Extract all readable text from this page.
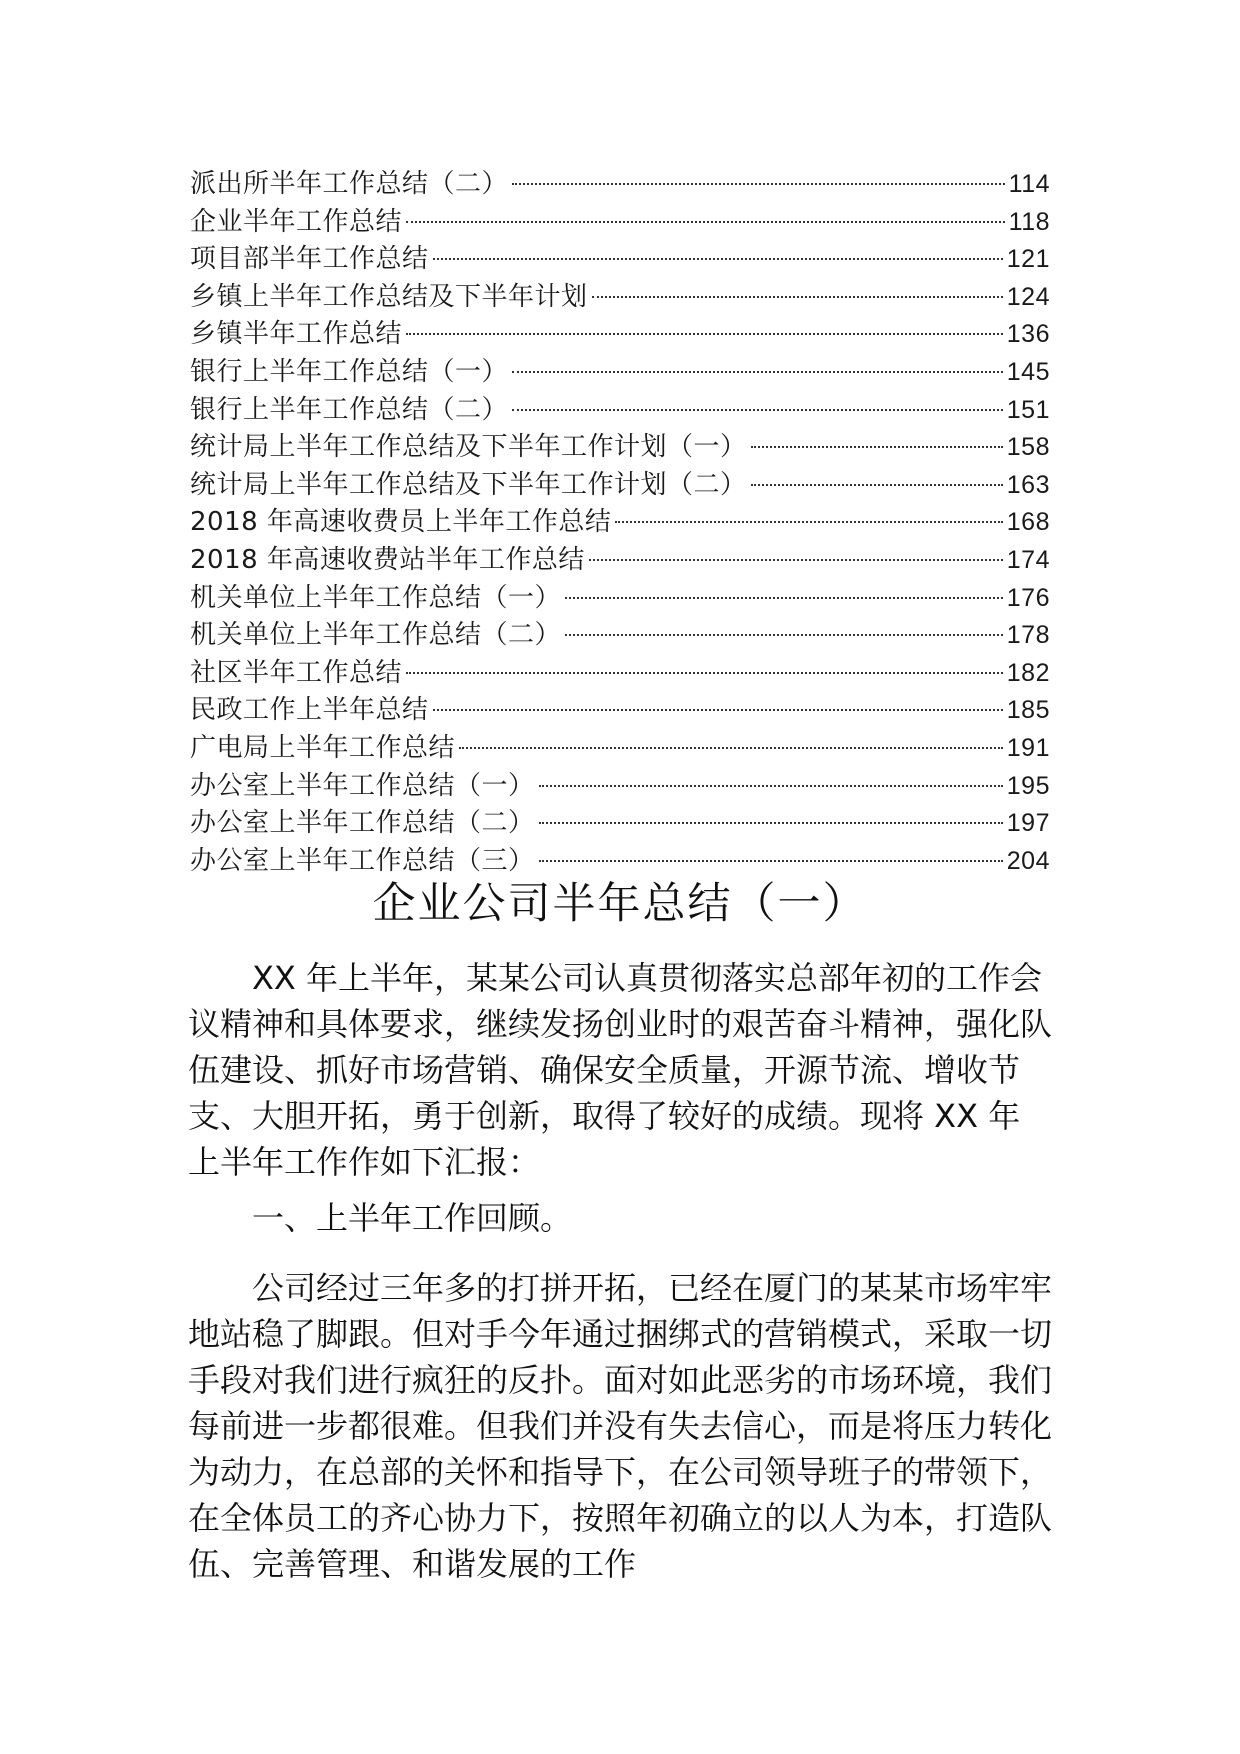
派出所半年工作总结（二）	114
企业半年工作总结	118
项目部半年工作总结	121
乡镇上半年工作总结及下半年计划	124
乡镇半年工作总结	136
银行上半年工作总结（一）	145
银行上半年工作总结（二）	151
统计局上半年工作总结及下半年工作计划（一）	158
统计局上半年工作总结及下半年工作计划（二）	163
2018 年高速收费员上半年工作总结	168
2018 年高速收费站半年工作总结	174
机关单位上半年工作总结（一）	176
机关单位上半年工作总结（二）	178
社区半年工作总结	182
民政工作上半年总结	185
广电局上半年工作总结	191
办公室上半年工作总结（一）	195
办公室上半年工作总结（二）	197
办公室上半年工作总结（三）	204
企业公司半年总结（一）

XX 年上半年，某某公司认真贯彻落实总部年初的工作会议精神和具体要求，继续发扬创业时的艰苦奋斗精神，强化队伍建设、抓好市场营销、确保安全质量，开源节流、增收节支、大胆开拓，勇于创新，取得了较好的成绩。现将 XX 年上半年工作作如下汇报：

一、上半年工作回顾。

公司经过三年多的打拼开拓，已经在厦门的某某市场牢牢地站稳了脚跟。但对手今年通过捆绑式的营销模式，采取一切手段对我们进行疯狂的反扑。面对如此恶劣的市场环境，我们每前进一步都很难。但我们并没有失去信心，而是将压力转化为动力，在总部的关怀和指导下，在公司领导班子的带领下，在全体员工的齐心协力下，按照年初确立的以人为本，打造队伍、完善管理、和谐发展的工作
